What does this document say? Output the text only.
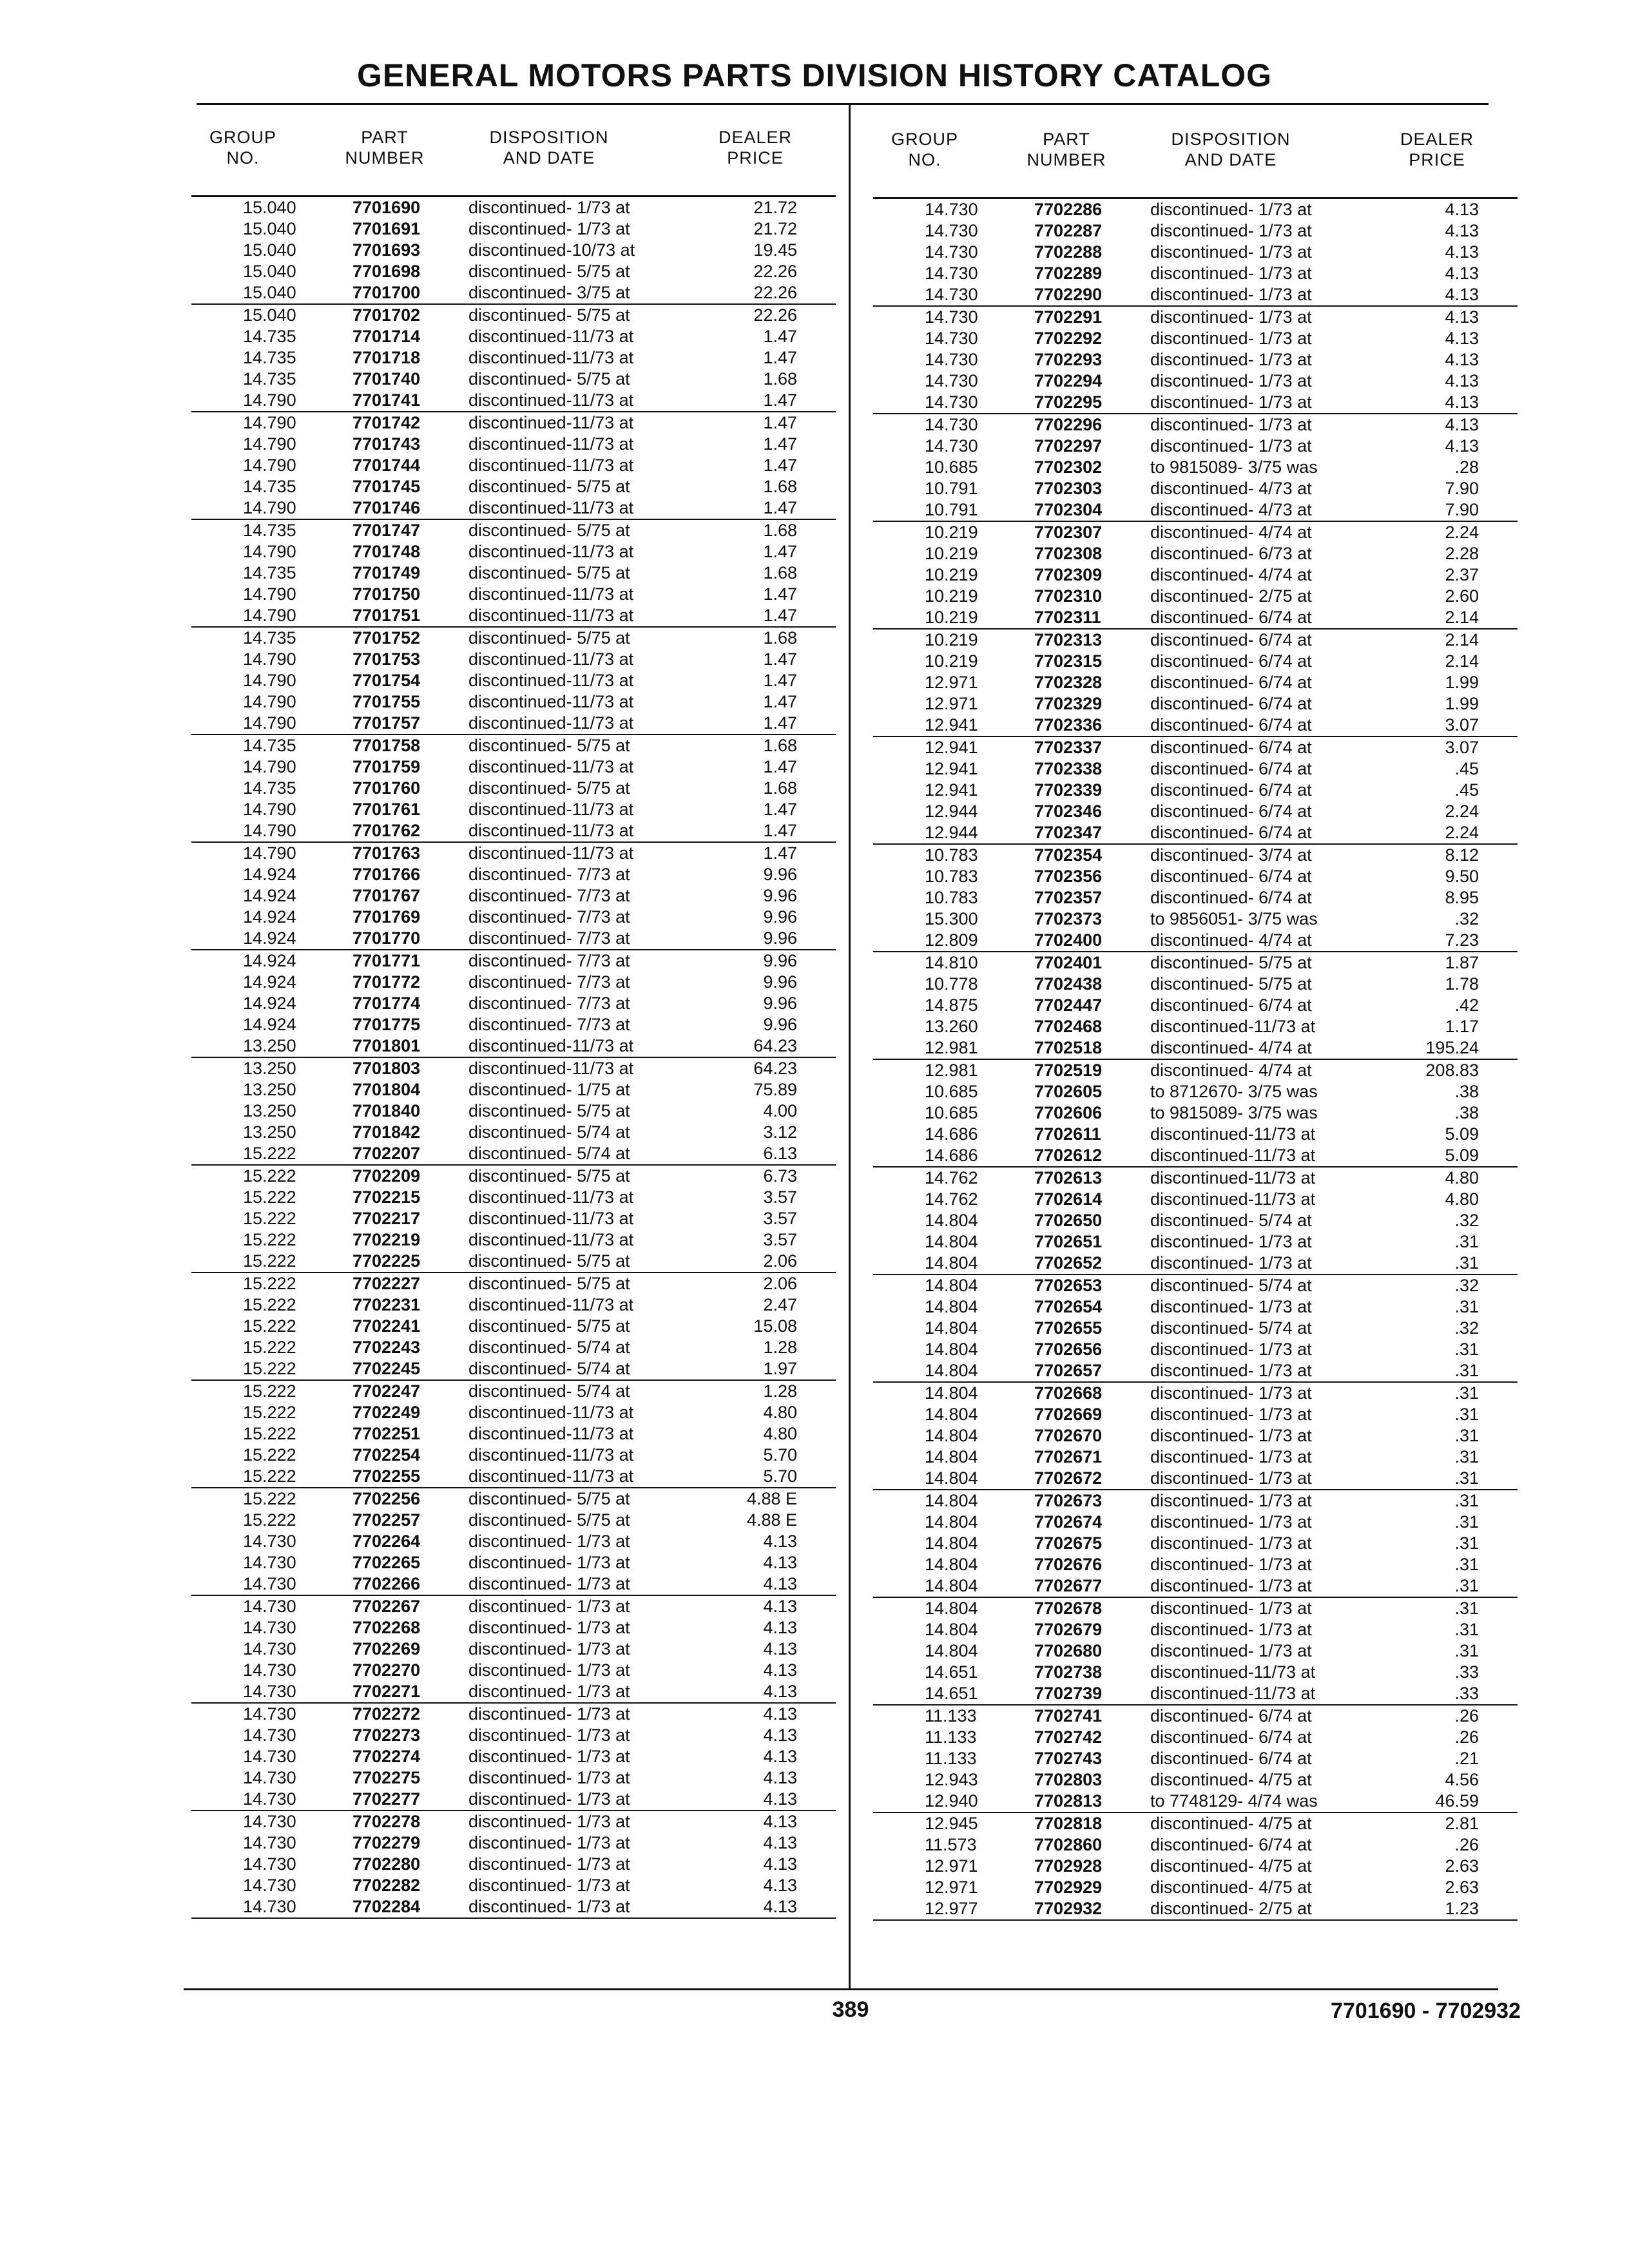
GENERAL MOTORS PARTS DIVISION HISTORY CATALOG
GROUP
NO.
PART
NUMBER
DISPOSITION
AND DATE
DEALER
PRICE
15.040	7701690	discontinued- 1/73 at	21.72
15.040	7701691	discontinued- 1/73 at	21.72
15.040	7701693	discontinued-10/73 at	19.45
15.040	7701698	discontinued- 5/75 at	22.26
15.040	7701700	discontinued- 3/75 at	22.26
15.040	7701702	discontinued- 5/75 at	22.26
14.735	7701714	discontinued-11/73 at	1.47
14.735	7701718	discontinued-11/73 at	1.47
14.735	7701740	discontinued- 5/75 at	1.68
14.790	7701741	discontinued-11/73 at	1.47
14.790	7701742	discontinued-11/73 at	1.47
14.790	7701743	discontinued-11/73 at	1.47
14.790	7701744	discontinued-11/73 at	1.47
14.735	7701745	discontinued- 5/75 at	1.68
14.790	7701746	discontinued-11/73 at	1.47
14.735	7701747	discontinued- 5/75 at	1.68
14.790	7701748	discontinued-11/73 at	1.47
14.735	7701749	discontinued- 5/75 at	1.68
14.790	7701750	discontinued-11/73 at	1.47
14.790	7701751	discontinued-11/73 at	1.47
14.735	7701752	discontinued- 5/75 at	1.68
14.790	7701753	discontinued-11/73 at	1.47
14.790	7701754	discontinued-11/73 at	1.47
14.790	7701755	discontinued-11/73 at	1.47
14.790	7701757	discontinued-11/73 at	1.47
14.735	7701758	discontinued- 5/75 at	1.68
14.790	7701759	discontinued-11/73 at	1.47
14.735	7701760	discontinued- 5/75 at	1.68
14.790	7701761	discontinued-11/73 at	1.47
14.790	7701762	discontinued-11/73 at	1.47
14.790	7701763	discontinued-11/73 at	1.47
14.924	7701766	discontinued- 7/73 at	9.96
14.924	7701767	discontinued- 7/73 at	9.96
14.924	7701769	discontinued- 7/73 at	9.96
14.924	7701770	discontinued- 7/73 at	9.96
14.924	7701771	discontinued- 7/73 at	9.96
14.924	7701772	discontinued- 7/73 at	9.96
14.924	7701774	discontinued- 7/73 at	9.96
14.924	7701775	discontinued- 7/73 at	9.96
13.250	7701801	discontinued-11/73 at	64.23
13.250	7701803	discontinued-11/73 at	64.23
13.250	7701804	discontinued- 1/75 at	75.89
13.250	7701840	discontinued- 5/75 at	4.00
13.250	7701842	discontinued- 5/74 at	3.12
15.222	7702207	discontinued- 5/74 at	6.13
15.222	7702209	discontinued- 5/75 at	6.73
15.222	7702215	discontinued-11/73 at	3.57
15.222	7702217	discontinued-11/73 at	3.57
15.222	7702219	discontinued-11/73 at	3.57
15.222	7702225	discontinued- 5/75 at	2.06
15.222	7702227	discontinued- 5/75 at	2.06
15.222	7702231	discontinued-11/73 at	2.47
15.222	7702241	discontinued- 5/75 at	15.08
15.222	7702243	discontinued- 5/74 at	1.28
15.222	7702245	discontinued- 5/74 at	1.97
15.222	7702247	discontinued- 5/74 at	1.28
15.222	7702249	discontinued-11/73 at	4.80
15.222	7702251	discontinued-11/73 at	4.80
15.222	7702254	discontinued-11/73 at	5.70
15.222	7702255	discontinued-11/73 at	5.70
15.222	7702256	discontinued- 5/75 at	4.88 E
15.222	7702257	discontinued- 5/75 at	4.88 E
14.730	7702264	discontinued- 1/73 at	4.13
14.730	7702265	discontinued- 1/73 at	4.13
14.730	7702266	discontinued- 1/73 at	4.13
14.730	7702267	discontinued- 1/73 at	4.13
14.730	7702268	discontinued- 1/73 at	4.13
14.730	7702269	discontinued- 1/73 at	4.13
14.730	7702270	discontinued- 1/73 at	4.13
14.730	7702271	discontinued- 1/73 at	4.13
14.730	7702272	discontinued- 1/73 at	4.13
14.730	7702273	discontinued- 1/73 at	4.13
14.730	7702274	discontinued- 1/73 at	4.13
14.730	7702275	discontinued- 1/73 at	4.13
14.730	7702277	discontinued- 1/73 at	4.13
14.730	7702278	discontinued- 1/73 at	4.13
14.730	7702279	discontinued- 1/73 at	4.13
14.730	7702280	discontinued- 1/73 at	4.13
14.730	7702282	discontinued- 1/73 at	4.13
14.730	7702284	discontinued- 1/73 at	4.13
GROUP
NO.
PART
NUMBER
DISPOSITION
AND DATE
DEALER
PRICE
14.730	7702286	discontinued- 1/73 at	4.13
14.730	7702287	discontinued- 1/73 at	4.13
14.730	7702288	discontinued- 1/73 at	4.13
14.730	7702289	discontinued- 1/73 at	4.13
14.730	7702290	discontinued- 1/73 at	4.13
14.730	7702291	discontinued- 1/73 at	4.13
14.730	7702292	discontinued- 1/73 at	4.13
14.730	7702293	discontinued- 1/73 at	4.13
14.730	7702294	discontinued- 1/73 at	4.13
14.730	7702295	discontinued- 1/73 at	4.13
14.730	7702296	discontinued- 1/73 at	4.13
14.730	7702297	discontinued- 1/73 at	4.13
10.685	7702302	to 9815089- 3/75 was	.28
10.791	7702303	discontinued- 4/73 at	7.90
10.791	7702304	discontinued- 4/73 at	7.90
10.219	7702307	discontinued- 4/74 at	2.24
10.219	7702308	discontinued- 6/73 at	2.28
10.219	7702309	discontinued- 4/74 at	2.37
10.219	7702310	discontinued- 2/75 at	2.60
10.219	7702311	discontinued- 6/74 at	2.14
10.219	7702313	discontinued- 6/74 at	2.14
10.219	7702315	discontinued- 6/74 at	2.14
12.971	7702328	discontinued- 6/74 at	1.99
12.971	7702329	discontinued- 6/74 at	1.99
12.941	7702336	discontinued- 6/74 at	3.07
12.941	7702337	discontinued- 6/74 at	3.07
12.941	7702338	discontinued- 6/74 at	.45
12.941	7702339	discontinued- 6/74 at	.45
12.944	7702346	discontinued- 6/74 at	2.24
12.944	7702347	discontinued- 6/74 at	2.24
10.783	7702354	discontinued- 3/74 at	8.12
10.783	7702356	discontinued- 6/74 at	9.50
10.783	7702357	discontinued- 6/74 at	8.95
15.300	7702373	to 9856051- 3/75 was	.32
12.809	7702400	discontinued- 4/74 at	7.23
14.810	7702401	discontinued- 5/75 at	1.87
10.778	7702438	discontinued- 5/75 at	1.78
14.875	7702447	discontinued- 6/74 at	.42
13.260	7702468	discontinued-11/73 at	1.17
12.981	7702518	discontinued- 4/74 at	195.24
12.981	7702519	discontinued- 4/74 at	208.83
10.685	7702605	to 8712670- 3/75 was	.38
10.685	7702606	to 9815089- 3/75 was	.38
14.686	7702611	discontinued-11/73 at	5.09
14.686	7702612	discontinued-11/73 at	5.09
14.762	7702613	discontinued-11/73 at	4.80
14.762	7702614	discontinued-11/73 at	4.80
14.804	7702650	discontinued- 5/74 at	.32
14.804	7702651	discontinued- 1/73 at	.31
14.804	7702652	discontinued- 1/73 at	.31
14.804	7702653	discontinued- 5/74 at	.32
14.804	7702654	discontinued- 1/73 at	.31
14.804	7702655	discontinued- 5/74 at	.32
14.804	7702656	discontinued- 1/73 at	.31
14.804	7702657	discontinued- 1/73 at	.31
14.804	7702668	discontinued- 1/73 at	.31
14.804	7702669	discontinued- 1/73 at	.31
14.804	7702670	discontinued- 1/73 at	.31
14.804	7702671	discontinued- 1/73 at	.31
14.804	7702672	discontinued- 1/73 at	.31
14.804	7702673	discontinued- 1/73 at	.31
14.804	7702674	discontinued- 1/73 at	.31
14.804	7702675	discontinued- 1/73 at	.31
14.804	7702676	discontinued- 1/73 at	.31
14.804	7702677	discontinued- 1/73 at	.31
14.804	7702678	discontinued- 1/73 at	.31
14.804	7702679	discontinued- 1/73 at	.31
14.804	7702680	discontinued- 1/73 at	.31
14.651	7702738	discontinued-11/73 at	.33
14.651	7702739	discontinued-11/73 at	.33
11.133	7702741	discontinued- 6/74 at	.26
11.133	7702742	discontinued- 6/74 at	.26
11.133	7702743	discontinued- 6/74 at	.21
12.943	7702803	discontinued- 4/75 at	4.56
12.940	7702813	to 7748129- 4/74 was	46.59
12.945	7702818	discontinued- 4/75 at	2.81
11.573	7702860	discontinued- 6/74 at	.26
12.971	7702928	discontinued- 4/75 at	2.63
12.971	7702929	discontinued- 4/75 at	2.63
12.977	7702932	discontinued- 2/75 at	1.23
389	7701690 - 7702932
